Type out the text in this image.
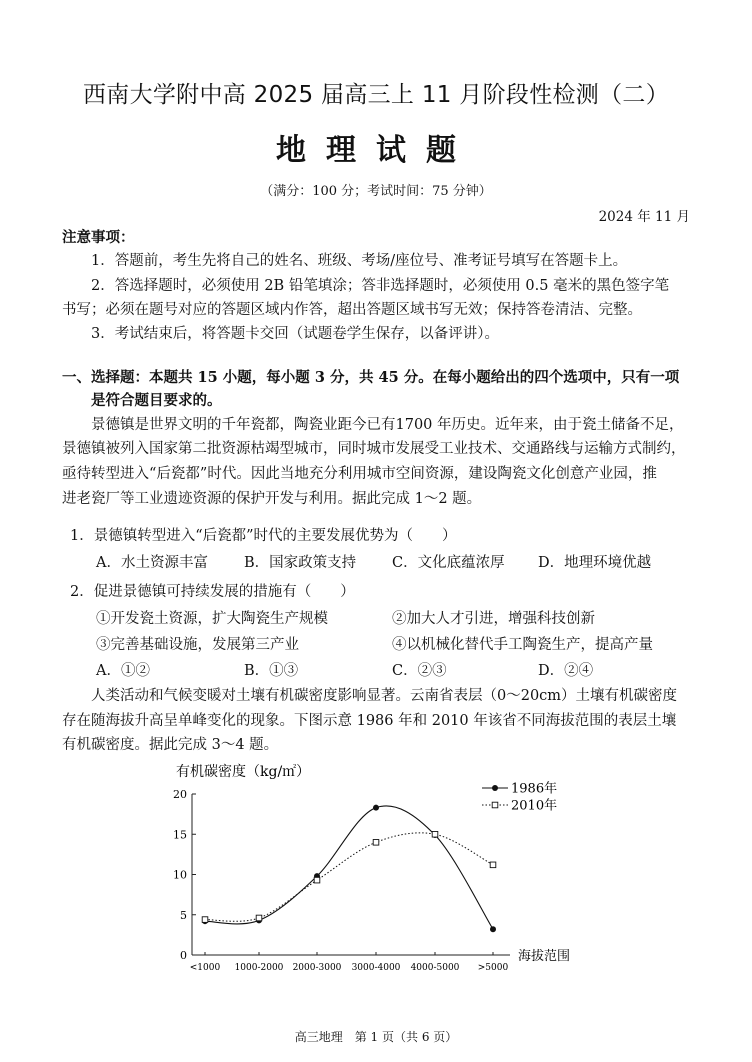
西南大学附中高 2025 届高三上 11 月阶段性检测（二）
地理试题
（满分：100 分；考试时间：75 分钟）
2024 年 11 月
注意事项：
1．答题前，考生先将自己的姓名、班级、考场/座位号、准考证号填写在答题卡上。
2．答选择题时，必须使用 2B 铅笔填涂；答非选择题时，必须使用 0.5 毫米的黑色签字笔
书写；必须在题号对应的答题区域内作答，超出答题区域书写无效；保持答卷清洁、完整。
3．考试结束后，将答题卡交回（试题卷学生保存，以备评讲）。
一、选择题：本题共 15 小题，每小题 3 分，共 45 分。在每小题给出的四个选项中，只有一项
是符合题目要求的。
景德镇是世界文明的千年瓷都，陶瓷业距今已有1700 年历史。近年来，由于瓷土储备不足，
景德镇被列入国家第二批资源枯竭型城市，同时城市发展受工业技术、交通路线与运输方式制约，
亟待转型进入“后瓷都”时代。因此当地充分利用城市空间资源，建设陶瓷文化创意产业园，推
进老瓷厂等工业遗迹资源的保护开发与利用。据此完成 1～2 题。
1．景德镇转型进入“后瓷都”时代的主要发展优势为（　　）
A．水土资源丰富 B．国家政策支持 C．文化底蕴浓厚 D．地理环境优越
2．促进景德镇可持续发展的措施有（　　）
①开发瓷土资源，扩大陶瓷生产规模	②加大人才引进，增强科技创新
③完善基础设施，发展第三产业	④以机械化替代手工陶瓷生产，提高产量
A．①②	B．①③	C．②③	D．②④
人类活动和气候变暖对土壤有机碳密度影响显著。云南省表层（0～20cm）土壤有机碳密度
存在随海拔升高呈单峰变化的现象。下图示意 1986 年和 2010 年该省不同海拔范围的表层土壤
有机碳密度。据此完成 3～4 题。
有机碳密度（kg/㎡）
海拔范围
0
5
10
15
20
<1000 1000-2000 2000-3000 3000-4000 4000-5000 >5000
1986年
2010年
高三地理　第 1 页（共 6 页）
